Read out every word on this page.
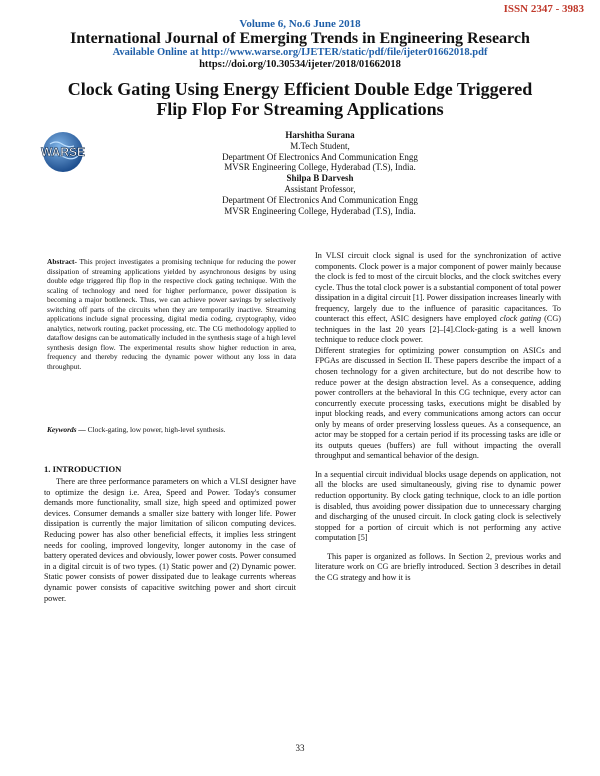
ISSN 2347 - 3983
Volume 6, No.6 June 2018
International Journal of Emerging Trends in Engineering Research
Available Online at http://www.warse.org/IJETER/static/pdf/file/ijeter01662018.pdf
https://doi.org/10.30534/ijeter/2018/01662018
Clock Gating Using Energy Efficient Double Edge Triggered
Flip Flop For Streaming Applications
WARSE
Harshitha Surana
M.Tech Student,
Department Of Electronics And Communication Engg
MVSR Engineering College, Hyderabad (T.S), India.
Shilpa B Darvesh
Assistant Professor,
Department Of Electronics And Communication Engg
MVSR Engineering College, Hyderabad (T.S), India.
Abstract- This project investigates a promising technique for reducing the power dissipation of streaming applications yielded by asynchronous designs by using double edge triggered flip flop in the respective clock gating technique. With the scaling of technology and need for higher performance, power dissipation is becoming a major bottleneck. Thus, we can achieve power savings by selectively switching off parts of the circuits when they are temporarily inactive. Streaming applications include signal processing, digital media coding, cryptography, video analytics, network routing, packet processing, etc. The CG methodology applied to dataflow designs can be automatically included in the synthesis stage of a high level synthesis design flow. The experimental results show higher reduction in area, frequency and thereby reducing the dynamic power without any loss in data throughput.
Keywords — Clock-gating, low power, high-level synthesis.
1. INTRODUCTION

There are three performance parameters on which a VLSI designer have to optimize the design i.e. Area, Speed and Power. Today's consumer demands more functionality, small size, high speed and optimized power devices. Consumer demands a smaller size battery with longer life. Power dissipation is currently the major limitation of silicon computing devices. Reducing power has also other beneficial effects, it implies less stringent needs for cooling, improved longevity, longer autonomy in the case of battery operated devices and obviously, lower power costs. Power consumed in a digital circuit is of two types. (1) Static power and (2) Dynamic power. Static power consists of power dissipated due to leakage currents whereas dynamic power consists of capacitive switching power and short circuit power.

In VLSI circuit clock signal is used for the synchronization of active components. Clock power is a major component of power mainly because the clock is fed to most of the circuit blocks, and the clock switches every cycle. Thus the total clock power is a substantial component of total power dissipation in a digital circuit [1]. Power dissipation increases linearly with frequency, largely due to the influence of parasitic capacitances. To counteract this effect, ASIC designers have employed clock gating (CG) techniques in the last 20 years [2]–[4].Clock-gating is a well known technique to reduce clock power.

Different strategies for optimizing power consumption on ASICs and FPGAs are discussed in Section II. These papers describe the impact of a chosen technology for a given architecture, but do not describe how to reduce power at the design abstraction level. As a consequence, adding power controllers at the behavioral In this CG technique, every actor can concurrently execute processing tasks, executions might be disabled by input blocking reads, and every communications among actors can occur only by means of order preserving lossless queues. As a consequence, an actor may be stopped for a certain period if its processing tasks are idle or its outputs queues (buffers) are full without impacting the overall throughput and semantical behavior of the design.

In a sequential circuit individual blocks usage depends on application, not all the blocks are used simultaneously, giving rise to dynamic power reduction opportunity. By clock gating technique, clock to an idle portion is disabled, thus avoiding power dissipation due to unnecessary charging and discharging of the unused circuit. In clock gating clock is selectively stopped for a portion of circuit which is not performing any active computation [5]

This paper is organized as follows. In Section 2, previous works and literature work on CG are briefly introduced. Section 3 describes in detail the CG strategy and how it is

33
